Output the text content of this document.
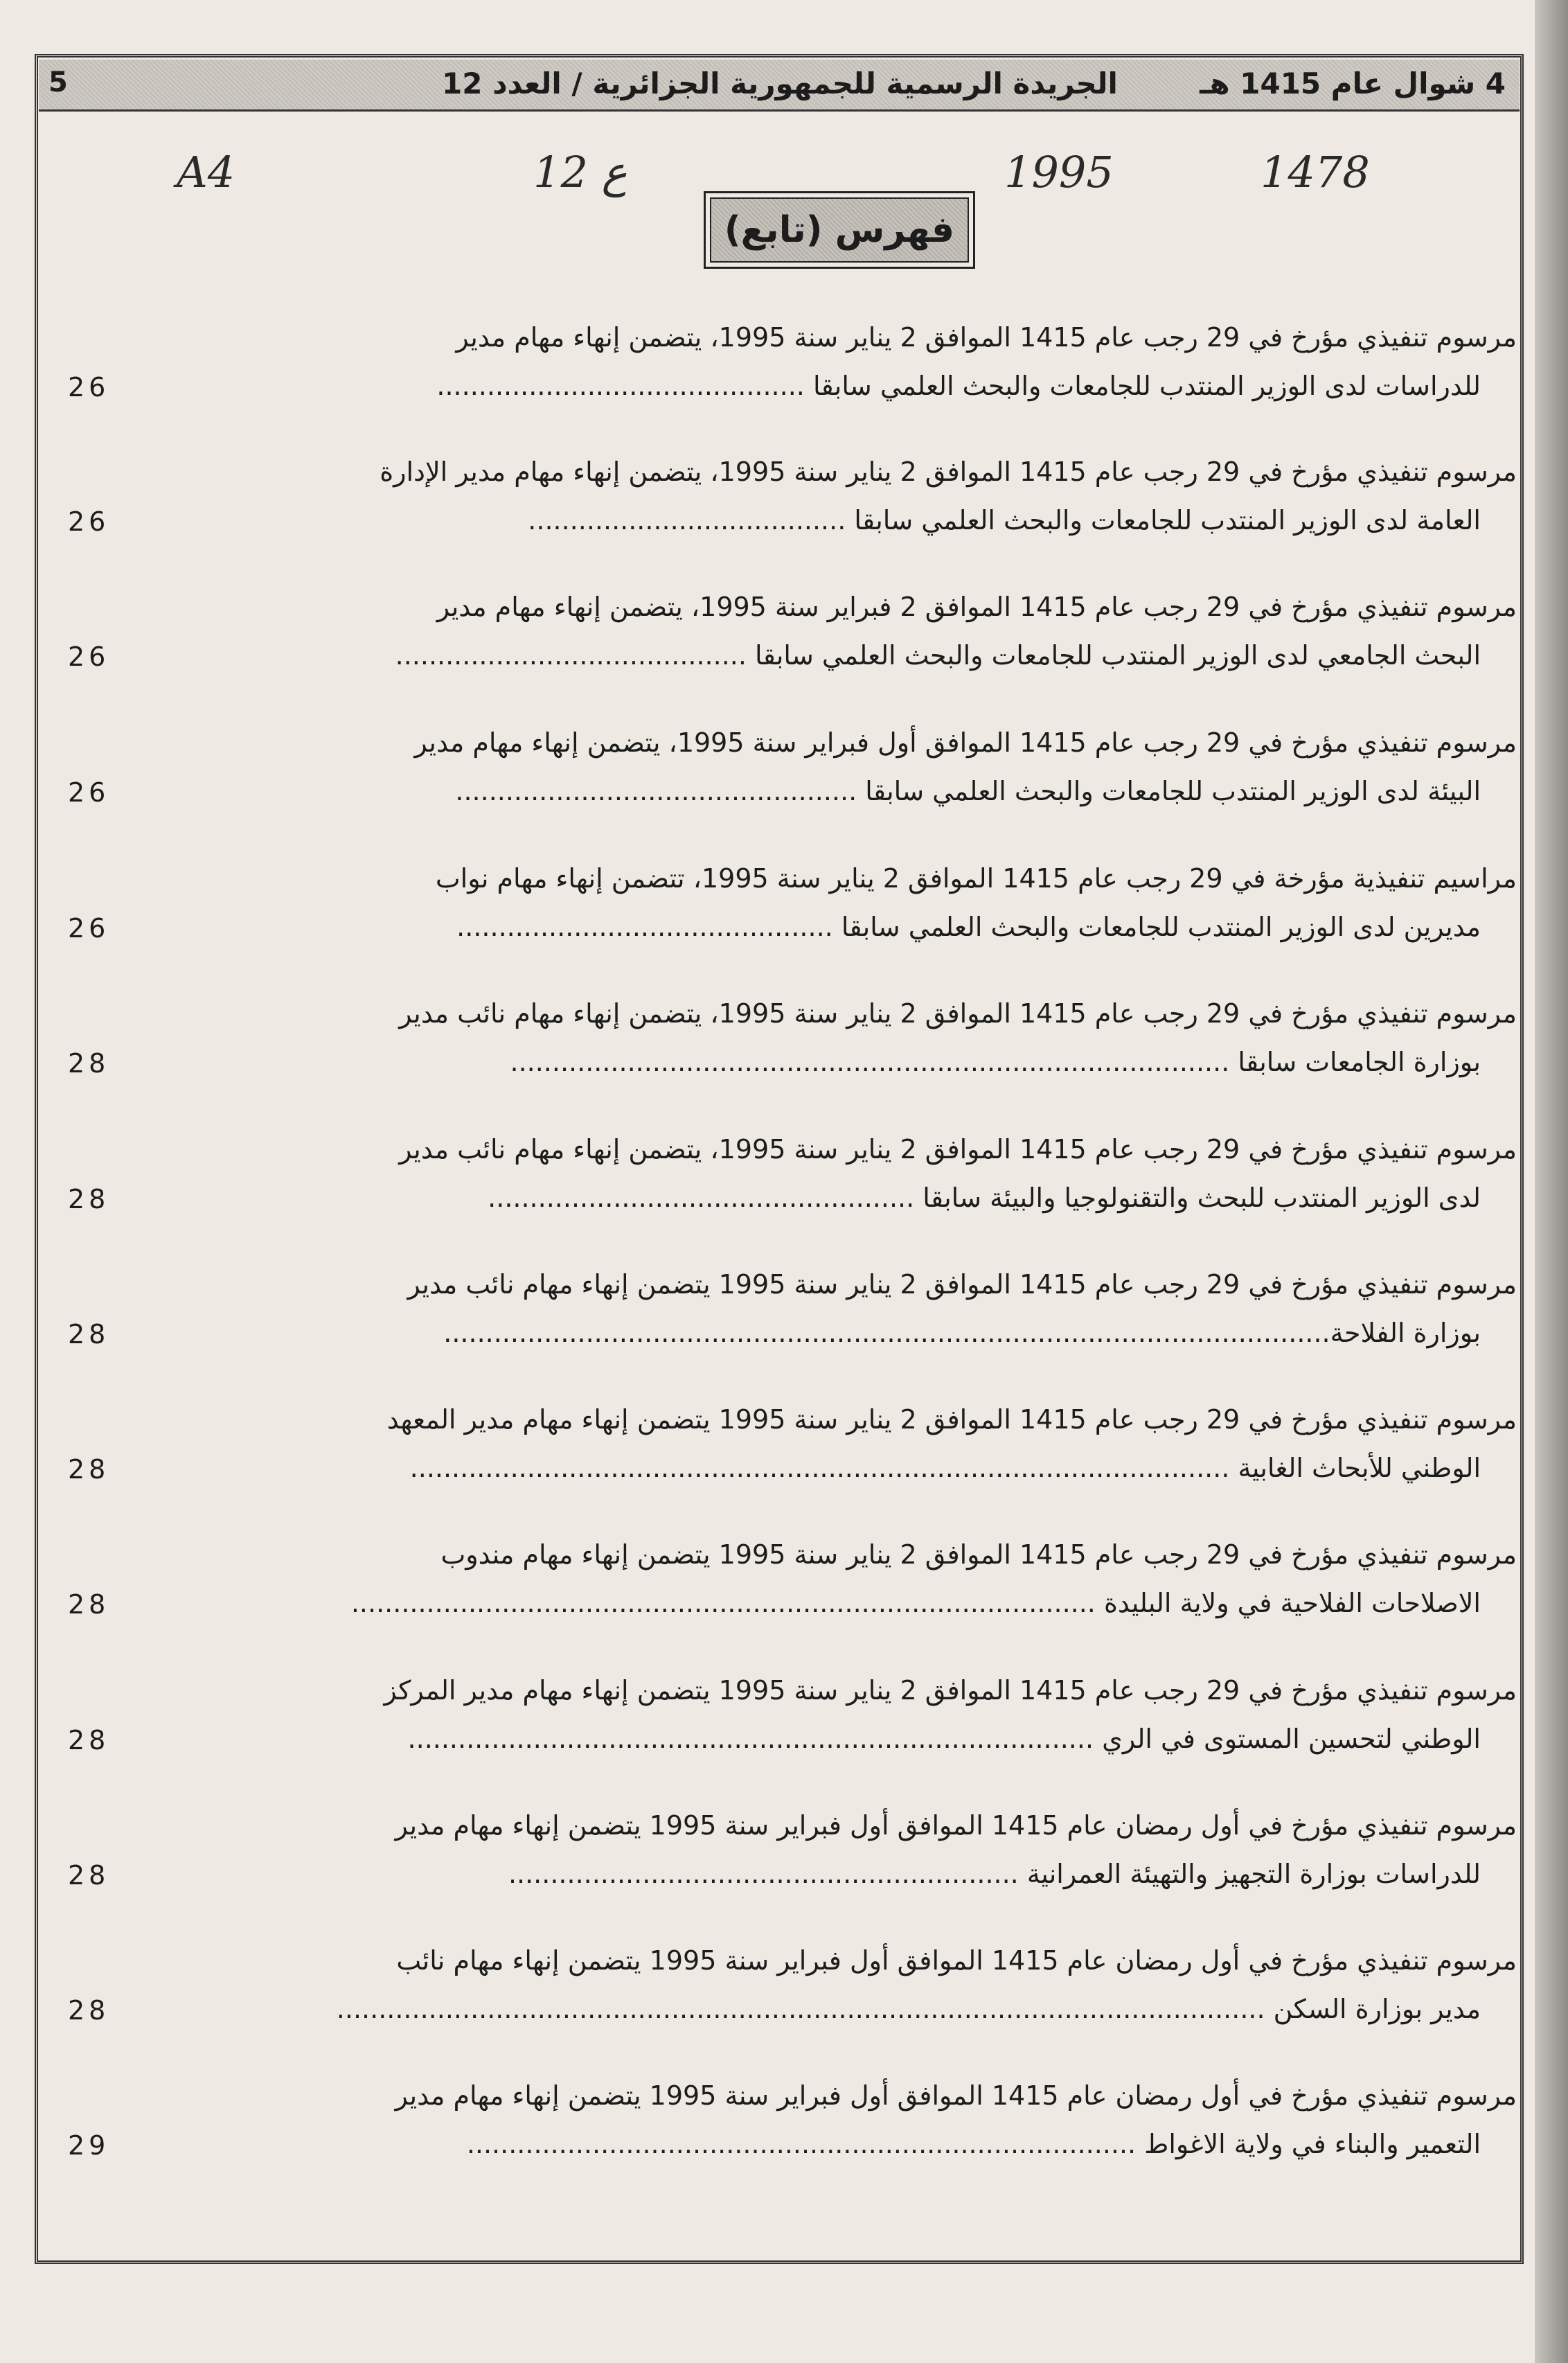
5	الجريدة الرسمية للجمهورية الجزائرية / العدد 12	4 شوال عام 1415 هـ
1478
1995
ع 12
A4
فهرس (تابع)
مرسوم تنفيذي مؤرخ في 29 رجب عام 1415 الموافق 2 يناير سنة 1995، يتضمن إنهاء مهام مدير
للدراسات لدى الوزير المنتدب للجامعات والبحث العلمي سابقا ............................................
26
مرسوم تنفيذي مؤرخ في 29 رجب عام 1415 الموافق 2 يناير سنة 1995، يتضمن إنهاء مهام مدير الإدارة
العامة لدى الوزير المنتدب للجامعات والبحث العلمي سابقا ......................................
26
مرسوم تنفيذي مؤرخ في 29 رجب عام 1415 الموافق 2 فبراير سنة 1995، يتضمن إنهاء مهام مدير
البحث الجامعي لدى الوزير المنتدب للجامعات والبحث العلمي سابقا ..........................................
26
مرسوم تنفيذي مؤرخ في 29 رجب عام 1415 الموافق أول فبراير سنة 1995، يتضمن إنهاء مهام مدير
البيئة لدى الوزير المنتدب للجامعات والبحث العلمي سابقا ................................................
26
مراسيم تنفيذية مؤرخة في 29 رجب عام 1415 الموافق 2 يناير سنة 1995، تتضمن إنهاء مهام نواب
مديرين لدى الوزير المنتدب للجامعات والبحث العلمي سابقا .............................................
26
مرسوم تنفيذي مؤرخ في 29 رجب عام 1415 الموافق 2 يناير سنة 1995، يتضمن إنهاء مهام نائب مدير
بوزارة الجامعات سابقا ......................................................................................
28
مرسوم تنفيذي مؤرخ في 29 رجب عام 1415 الموافق 2 يناير سنة 1995، يتضمن إنهاء مهام نائب مدير
لدى الوزير المنتدب للبحث والتقنولوجيا والبيئة سابقا ...................................................
28
مرسوم تنفيذي مؤرخ في 29 رجب عام 1415 الموافق 2 يناير سنة 1995 يتضمن إنهاء مهام نائب مدير
بوزارة الفلاحة..........................................................................................................
28
مرسوم تنفيذي مؤرخ في 29 رجب عام 1415 الموافق 2 يناير سنة 1995 يتضمن إنهاء مهام مدير المعهد
الوطني للأبحاث الغابية ..................................................................................................
28
مرسوم تنفيذي مؤرخ في 29 رجب عام 1415 الموافق 2 يناير سنة 1995 يتضمن إنهاء مهام مندوب
الاصلاحات الفلاحية في ولاية البليدة .........................................................................................
28
مرسوم تنفيذي مؤرخ في 29 رجب عام 1415 الموافق 2 يناير سنة 1995 يتضمن إنهاء مهام مدير المركز
الوطني لتحسين المستوى في الري ..................................................................................
28
مرسوم تنفيذي مؤرخ في أول رمضان عام 1415 الموافق أول فبراير سنة 1995 يتضمن إنهاء مهام مدير
للدراسات بوزارة التجهيز والتهيئة العمرانية .............................................................
28
مرسوم تنفيذي مؤرخ في أول رمضان عام 1415 الموافق أول فبراير سنة 1995 يتضمن إنهاء مهام نائب
مدير بوزارة السكن ...............................................................................................................
28
مرسوم تنفيذي مؤرخ في أول رمضان عام 1415 الموافق أول فبراير سنة 1995 يتضمن إنهاء مهام مدير
التعمير والبناء في ولاية الاغواط ................................................................................
29
